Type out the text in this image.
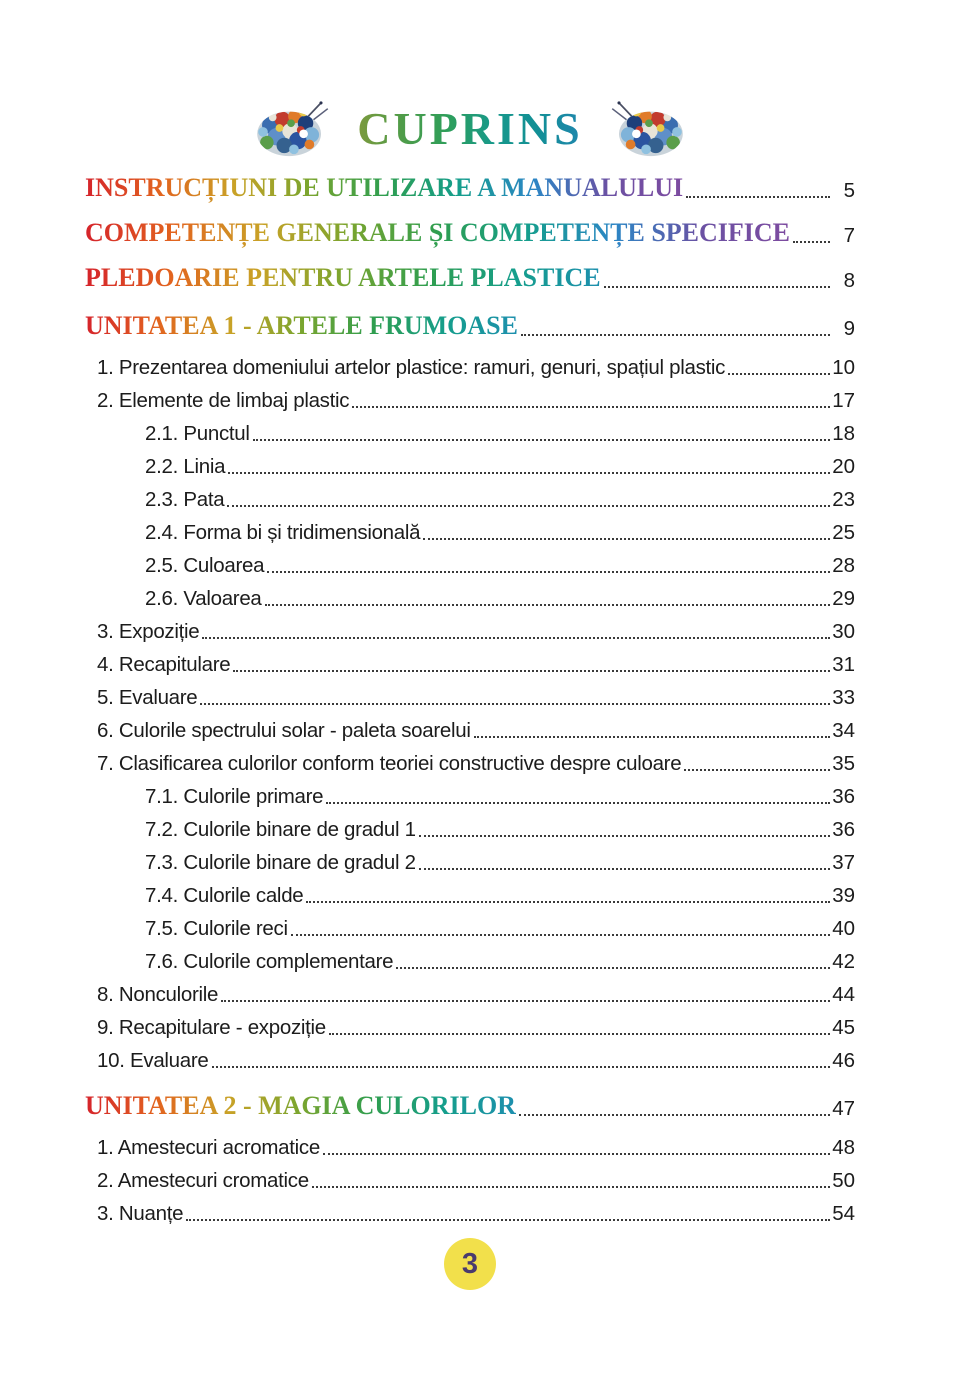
CUPRINS
INSTRUCȚIUNI DE UTILIZARE A MANUALULUI	5
COMPETENȚE GENERALE ȘI COMPETENȚE SPECIFICE	7
PLEDOARIE PENTRU ARTELE PLASTICE	8
UNITATEA 1 - ARTELE FRUMOASE	9
1. Prezentarea domeniului artelor plastice: ramuri, genuri, spațiul plastic	10
2. Elemente de limbaj plastic	17
2.1. Punctul	18
2.2. Linia	20
2.3. Pata	23
2.4. Forma bi și tridimensională	25
2.5. Culoarea	28
2.6. Valoarea	29
3. Expoziție	30
4. Recapitulare	31
5. Evaluare	33
6. Culorile spectrului solar - paleta soarelui	34
7. Clasificarea culorilor conform teoriei constructive despre culoare	35
7.1. Culorile primare	36
7.2. Culorile binare de gradul 1	36
7.3. Culorile binare de gradul 2	37
7.4. Culorile calde	39
7.5. Culorile reci	40
7.6. Culorile complementare	42
8. Nonculorile	44
9. Recapitulare - expoziție	45
10. Evaluare	46
UNITATEA 2 - MAGIA CULORILOR	47
1. Amestecuri acromatice	48
2. Amestecuri cromatice	50
3. Nuanțe	54
3
